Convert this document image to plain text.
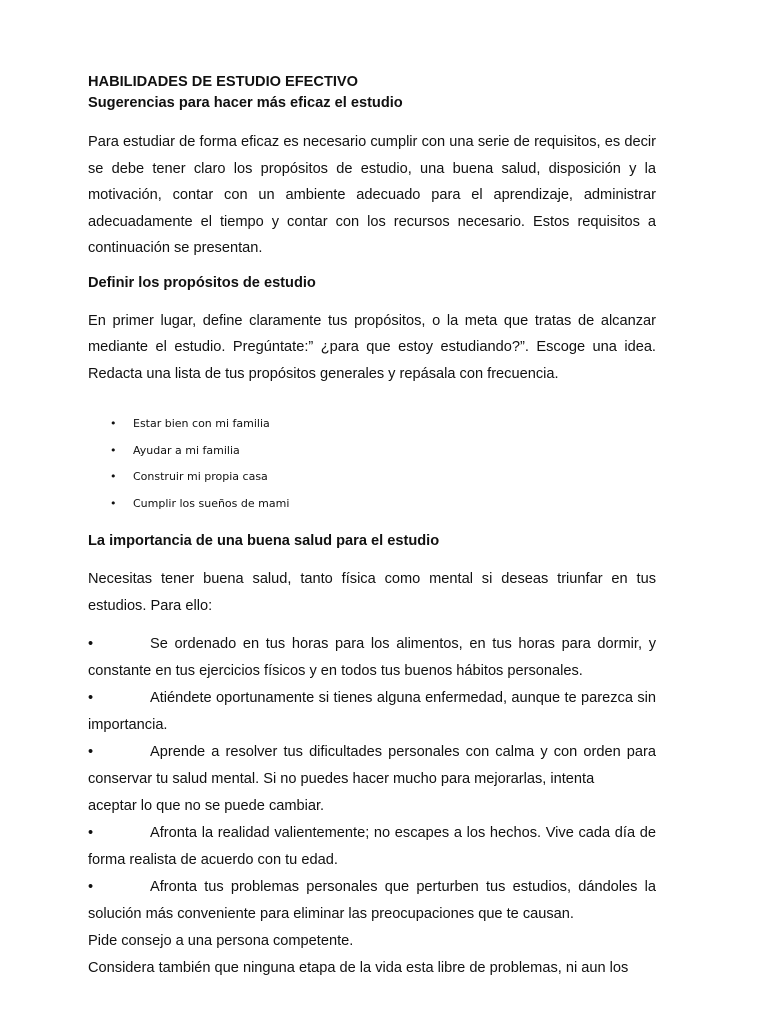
HABILIDADES DE ESTUDIO EFECTIVO

Sugerencias para hacer más eficaz el estudio

Para estudiar de forma eficaz es necesario cumplir con una serie de requisitos, es decir se debe tener claro los propósitos de estudio, una buena salud, disposición y la motivación, contar con un ambiente adecuado para el aprendizaje, administrar adecuadamente el tiempo y contar con los recursos necesario. Estos requisitos a continuación se presentan.

Definir los propósitos de estudio

En primer lugar, define claramente tus propósitos, o la meta que tratas de alcanzar mediante el estudio. Pregúntate:” ¿para que estoy estudiando?”. Escoge una idea. Redacta una lista de tus propósitos generales y repásala con frecuencia.

• Estar bien con mi familia
• Ayudar a mi familia
• Construir mi propia casa
• Cumplir los sueños de mami

La importancia de una buena salud para el estudio

Necesitas tener buena salud, tanto física como mental si deseas triunfar en tus estudios. Para ello:

•	Se ordenado en tus horas para los alimentos, en tus horas para dormir, y constante en tus ejercicios físicos y en todos tus buenos hábitos personales.

•	Atiéndete oportunamente si tienes alguna enfermedad, aunque te parezca sin importancia.

•	Aprende a resolver tus dificultades personales con calma y con orden para conservar tu salud mental. Si no puedes hacer mucho para mejorarlas, intenta

aceptar lo que no se puede cambiar.

•	Afronta la realidad valientemente; no escapes a los hechos. Vive cada día de forma realista de acuerdo con tu edad.

•	Afronta tus problemas personales que perturben tus estudios, dándoles la solución más conveniente para eliminar las preocupaciones que te causan.

Pide consejo a una persona competente.

Considera también que ninguna etapa de la vida esta libre de problemas, ni aun los
